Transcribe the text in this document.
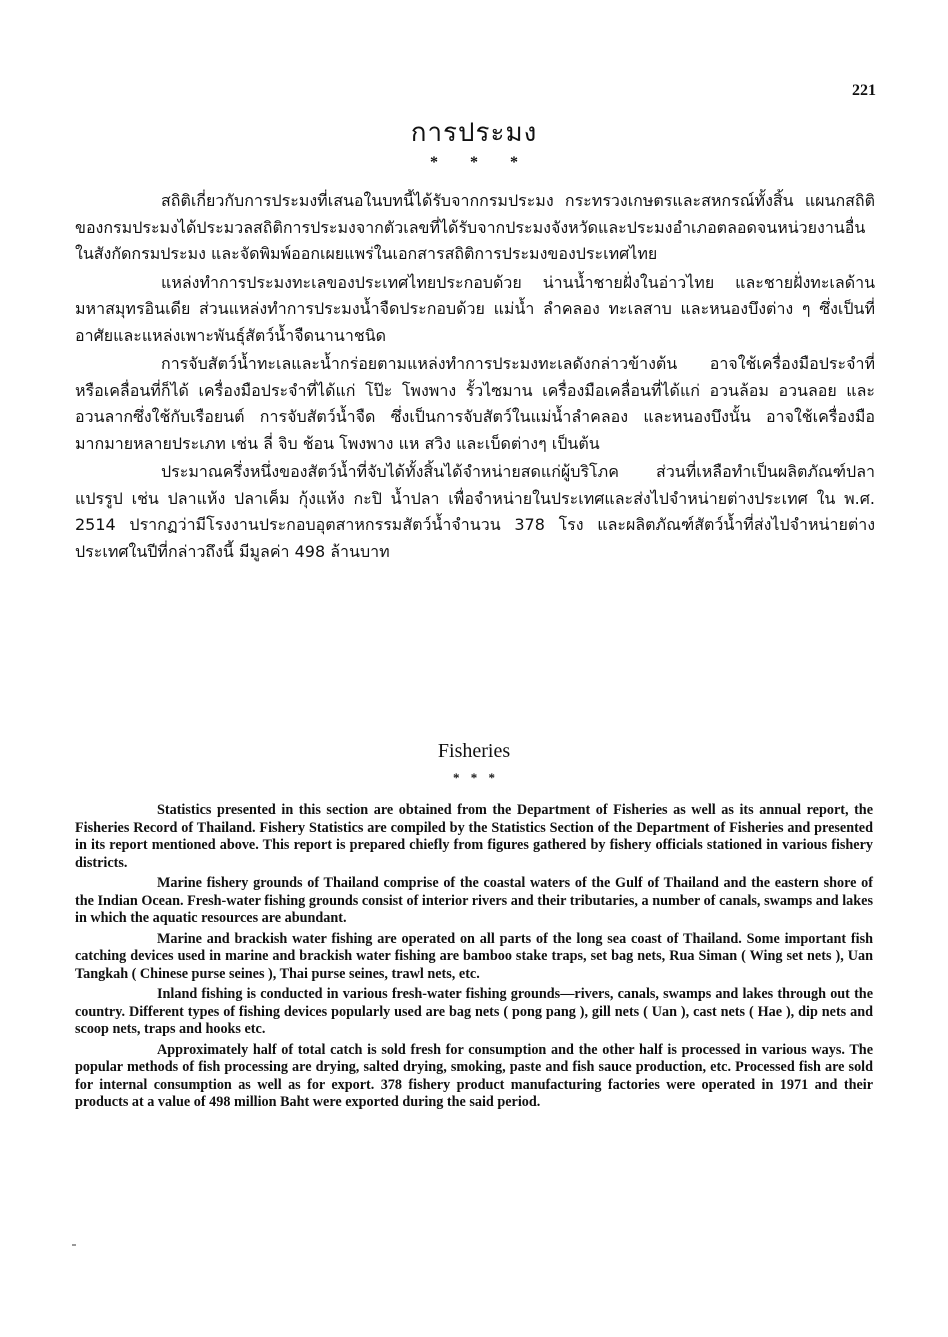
221
การประมง
* * *

สถิติเกี่ยวกับการประมงที่เสนอในบทนี้ได้รับจากกรมประมง กระทรวงเกษตรและสหกรณ์ทั้งสิ้น แผนกสถิติของกรมประมงได้ประมวลสถิติการประมงจากตัวเลขที่ได้รับจากประมงจังหวัดและประมงอำเภอตลอดจนหน่วยงานอื่นในสังกัดกรมประมง และจัดพิมพ์ออกเผยแพร่ในเอกสารสถิติการประมงของประเทศไทย

แหล่งทำการประมงทะเลของประเทศไทยประกอบด้วย น่านน้ำชายฝั่งในอ่าวไทย และชายฝั่งทะเลด้านมหาสมุทรอินเดีย ส่วนแหล่งทำการประมงน้ำจืดประกอบด้วย แม่น้ำ ลำคลอง ทะเลสาบ และหนองบึงต่าง ๆ ซึ่งเป็นที่อาศัยและแหล่งเพาะพันธุ์สัตว์น้ำจืดนานาชนิด

การจับสัตว์น้ำทะเลและน้ำกร่อยตามแหล่งทำการประมงทะเลดังกล่าวข้างต้น อาจใช้เครื่องมือประจำที่หรือเคลื่อนที่ก็ได้ เครื่องมือประจำที่ได้แก่ โป๊ะ โพงพาง รั้วไซมาน เครื่องมือเคลื่อนที่ได้แก่ อวนล้อม อวนลอย และอวนลากซึ่งใช้กับเรือยนต์ การจับสัตว์น้ำจืด ซึ่งเป็นการจับสัตว์ในแม่น้ำลำคลอง และหนองบึงนั้น อาจใช้เครื่องมือมากมายหลายประเภท เช่น ลี่ จิบ ช้อน โพงพาง แห สวิง และเบ็ดต่างๆ เป็นต้น

ประมาณครึ่งหนึ่งของสัตว์น้ำที่จับได้ทั้งสิ้นได้จำหน่ายสดแก่ผู้บริโภค ส่วนที่เหลือทำเป็นผลิตภัณฑ์ปลาแปรรูป เช่น ปลาแห้ง ปลาเค็ม กุ้งแห้ง กะปิ น้ำปลา เพื่อจำหน่ายในประเทศและส่งไปจำหน่ายต่างประเทศ ใน พ.ศ. 2514 ปรากฏว่ามีโรงงานประกอบอุตสาหกรรมสัตว์น้ำจำนวน 378 โรง และผลิตภัณฑ์สัตว์น้ำที่ส่งไปจำหน่ายต่างประเทศในปีที่กล่าวถึงนี้ มีมูลค่า 498 ล้านบาท

Fisheries
* * *

Statistics presented in this section are obtained from the Department of Fisheries as well as its annual report, the Fisheries Record of Thailand. Fishery Statistics are compiled by the Statistics Section of the Department of Fisheries and presented in its report mentioned above. This report is prepared chiefly from figures gathered by fishery officials stationed in various fishery districts.

Marine fishery grounds of Thailand comprise of the coastal waters of the Gulf of Thailand and the eastern shore of the Indian Ocean. Fresh-water fishing grounds consist of interior rivers and their tributaries, a number of canals, swamps and lakes in which the aquatic resources are abundant.

Marine and brackish water fishing are operated on all parts of the long sea coast of Thailand. Some important fish catching devices used in marine and brackish water fishing are bamboo stake traps, set bag nets, Rua Siman ( Wing set nets ), Uan Tangkah ( Chinese purse seines ), Thai purse seines, trawl nets, etc.

Inland fishing is conducted in various fresh-water fishing grounds—rivers, canals, swamps and lakes through out the country. Different types of fishing devices popularly used are bag nets ( pong pang ), gill nets ( Uan ), cast nets ( Hae ), dip nets and scoop nets, traps and hooks etc.

Approximately half of total catch is sold fresh for consumption and the other half is processed in various ways. The popular methods of fish processing are drying, salted drying, smoking, paste and fish sauce production, etc. Processed fish are sold for internal consumption as well as for export. 378 fishery product manufacturing factories were operated in 1971 and their products at a value of 498 million Baht were exported during the said period.
